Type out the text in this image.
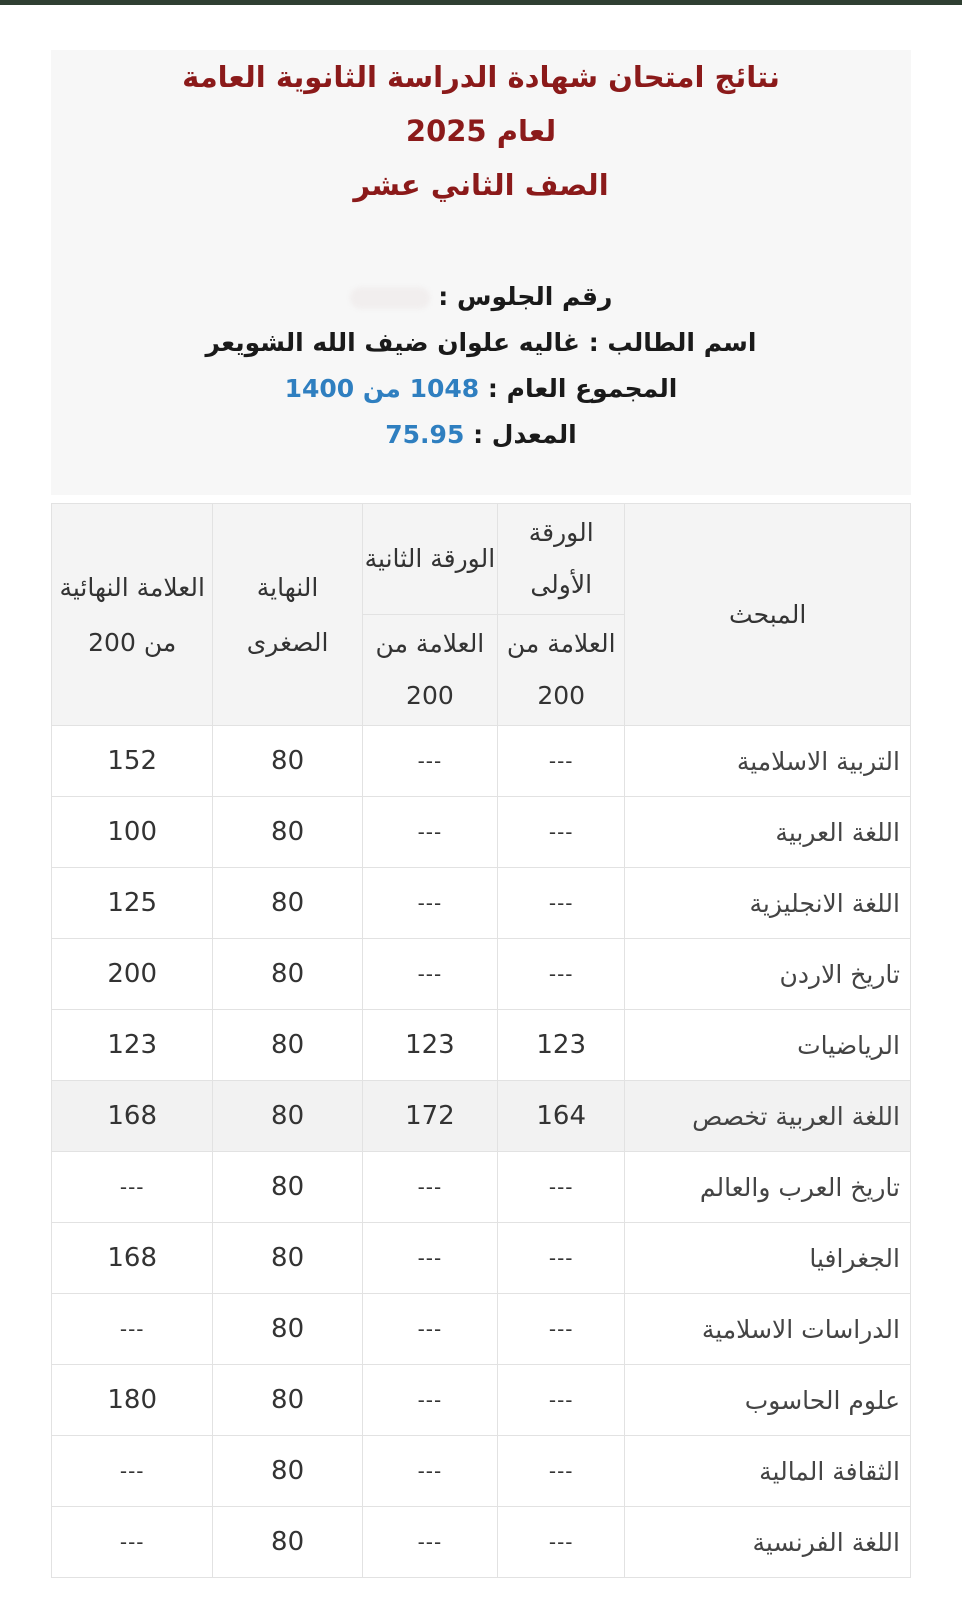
نتائج امتحان شهادة الدراسة الثانوية العامة
لعام 2025
الصف الثاني عشر
رقم الجلوس :
اسم الطالب : غاليه علوان ضيف الله الشويعر
المجموع العام : 1048 من 1400
المعدل : 75.95
المبحث	الورقة الأولى	الورقة الثانية	النهاية الصغرى	العلامة النهائية من 200
	العلامة من 200	العلامة من 200		
التربية الاسلامية	---	---	80	152
اللغة العربية	---	---	80	100
اللغة الانجليزية	---	---	80	125
تاريخ الاردن	---	---	80	200
الرياضيات	123	123	80	123
اللغة العربية تخصص	164	172	80	168
تاريخ العرب والعالم	---	---	80	---
الجغرافيا	---	---	80	168
الدراسات الاسلامية	---	---	80	---
علوم الحاسوب	---	---	80	180
الثقافة المالية	---	---	80	---
اللغة الفرنسية	---	---	80	---
